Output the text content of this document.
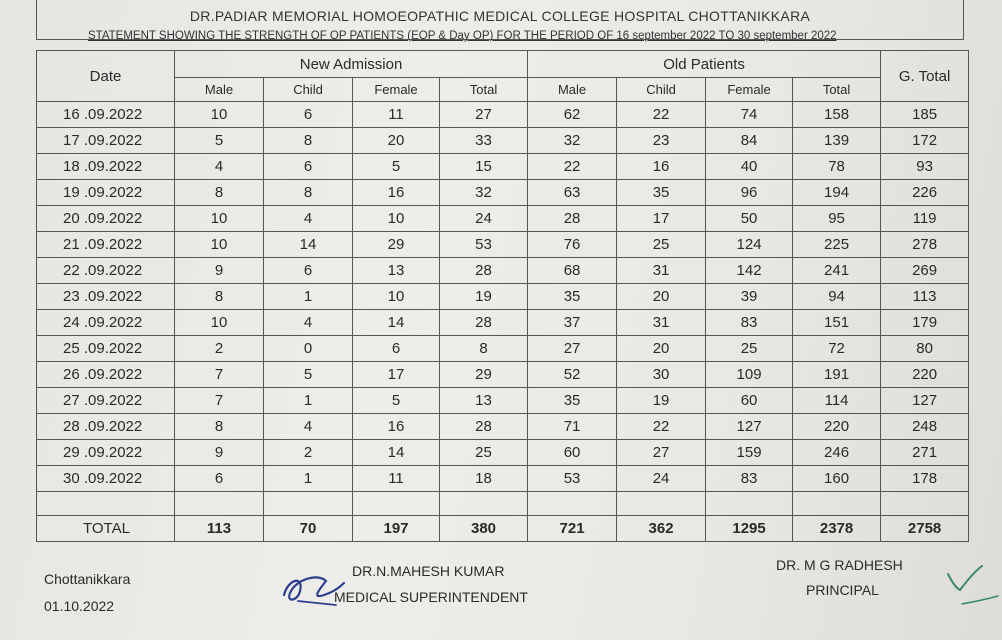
DR.PADIAR MEMORIAL HOMOEOPATHIC MEDICAL COLLEGE HOSPITAL CHOTTANIKKARA
STATEMENT SHOWING THE STRENGTH OF OP PATIENTS (EOP & Day OP) FOR THE PERIOD OF 16 september 2022 TO 30 september 2022
Date	New Admission				Old Patients				G. Total
	Male	Child	Female	Total	Male	Child	Female	Total	
16 .09.2022	10	6	11	27	62	22	74	158	185
17 .09.2022	5	8	20	33	32	23	84	139	172
18 .09.2022	4	6	5	15	22	16	40	78	93
19 .09.2022	8	8	16	32	63	35	96	194	226
20 .09.2022	10	4	10	24	28	17	50	95	119
21 .09.2022	10	14	29	53	76	25	124	225	278
22 .09.2022	9	6	13	28	68	31	142	241	269
23 .09.2022	8	1	10	19	35	20	39	94	113
24 .09.2022	10	4	14	28	37	31	83	151	179
25 .09.2022	2	0	6	8	27	20	25	72	80
26 .09.2022	7	5	17	29	52	30	109	191	220
27 .09.2022	7	1	5	13	35	19	60	114	127
28 .09.2022	8	4	16	28	71	22	127	220	248
29 .09.2022	9	2	14	25	60	27	159	246	271
30 .09.2022	6	1	11	18	53	24	83	160	178

TOTAL	113	70	197	380	721	362	1295	2378	2758
Chottanikkara
01.10.2022
DR.N.MAHESH KUMAR
MEDICAL SUPERINTENDENT
DR. M G RADHESH
PRINCIPAL
